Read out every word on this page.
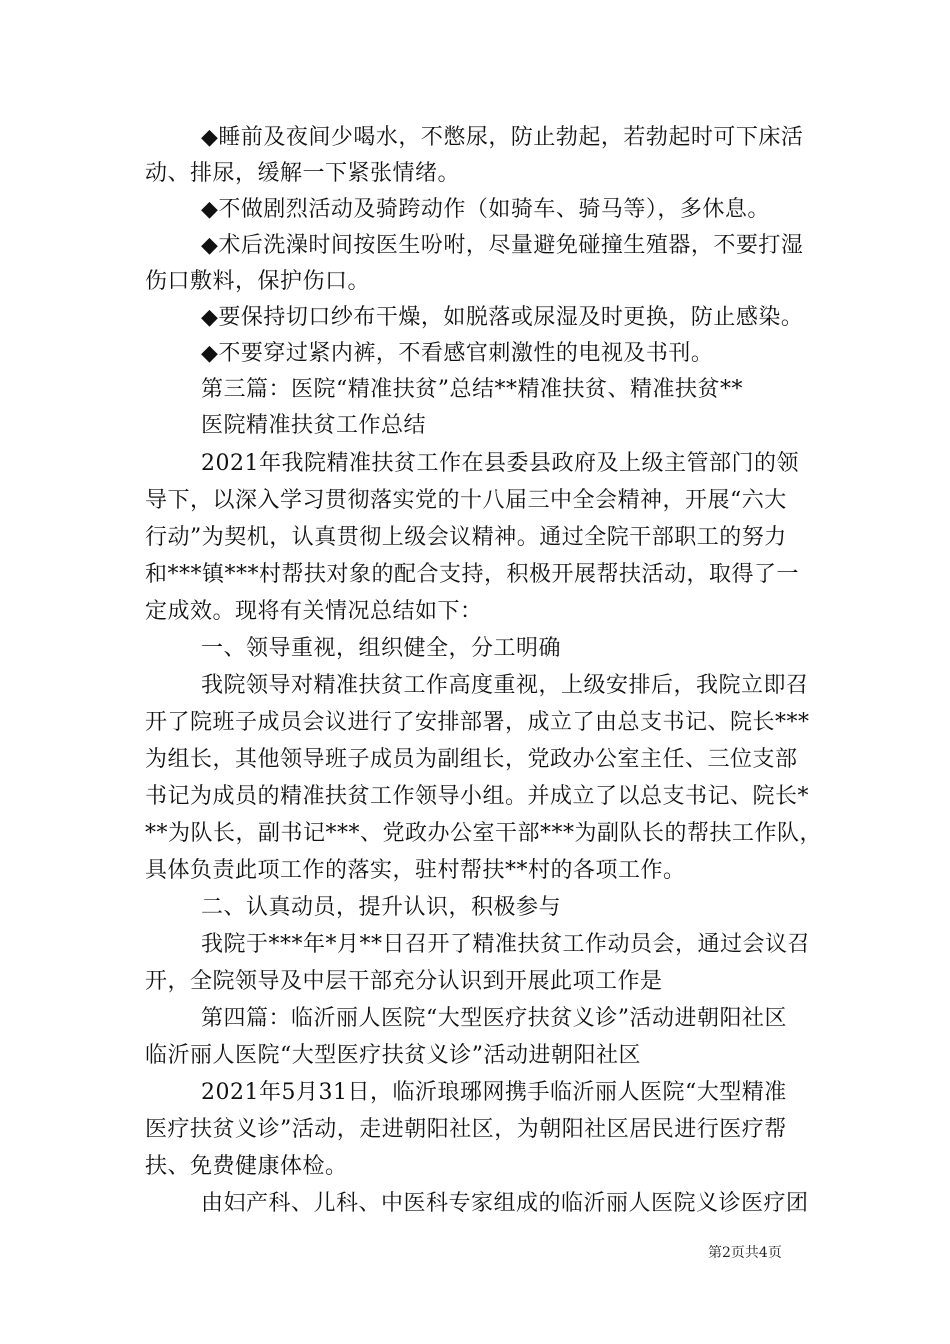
◆睡前及夜间少喝水，不憋尿，防止勃起，若勃起时可下床活
动、排尿，缓解一下紧张情绪。
◆不做剧烈活动及骑跨动作（如骑车、骑马等），多休息。
◆术后洗澡时间按医生吩咐，尽量避免碰撞生殖器，不要打湿
伤口敷料，保护伤口。
◆要保持切口纱布干燥，如脱落或尿湿及时更换，防止感染。
◆不要穿过紧内裤，不看感官刺激性的电视及书刊。
第三篇：医院“精准扶贫”总结**精准扶贫、精准扶贫**
医院精准扶贫工作总结
2021年我院精准扶贫工作在县委县政府及上级主管部门的领
导下，以深入学习贯彻落实党的十八届三中全会精神，开展“六大
行动”为契机，认真贯彻上级会议精神。通过全院干部职工的努力
和***镇***村帮扶对象的配合支持，积极开展帮扶活动，取得了一
定成效。现将有关情况总结如下：
一、领导重视，组织健全，分工明确
我院领导对精准扶贫工作高度重视，上级安排后，我院立即召
开了院班子成员会议进行了安排部署，成立了由总支书记、院长***
为组长，其他领导班子成员为副组长，党政办公室主任、三位支部
书记为成员的精准扶贫工作领导小组。并成立了以总支书记、院长*
**为队长，副书记***、党政办公室干部***为副队长的帮扶工作队，
具体负责此项工作的落实，驻村帮扶**村的各项工作。
二、认真动员，提升认识，积极参与
我院于***年*月**日召开了精准扶贫工作动员会，通过会议召
开，全院领导及中层干部充分认识到开展此项工作是
第四篇：临沂丽人医院“大型医疗扶贫义诊”活动进朝阳社区
临沂丽人医院“大型医疗扶贫义诊”活动进朝阳社区
2021年5月31日，临沂琅琊网携手临沂丽人医院“大型精准
医疗扶贫义诊”活动，走进朝阳社区，为朝阳社区居民进行医疗帮
扶、免费健康体检。
由妇产科、儿科、中医科专家组成的临沂丽人医院义诊医疗团
第2页共4页
